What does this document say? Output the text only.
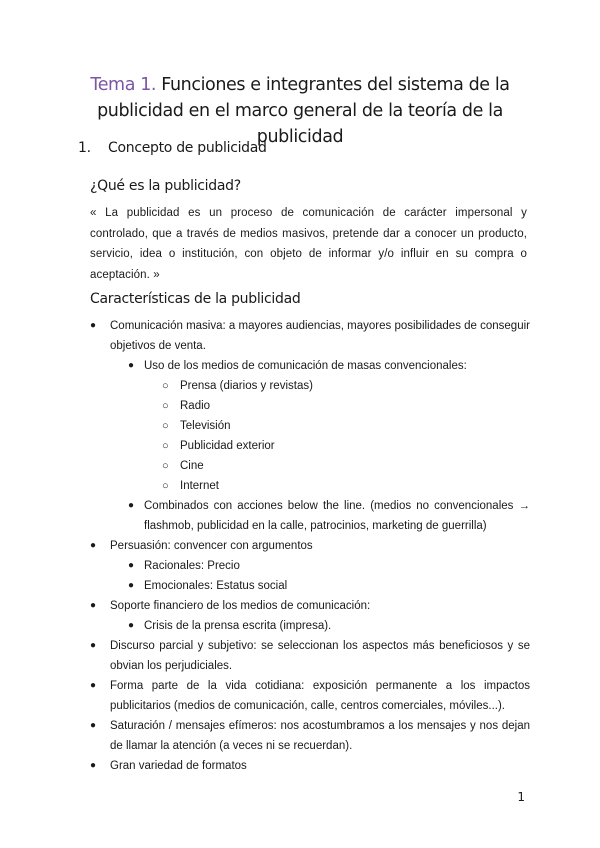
Tema 1. Funciones e integrantes del sistema de la
publicidad en el marco general de la teoría de la publicidad
1. Concepto de publicidad
¿Qué es la publicidad?
« La publicidad es un proceso de comunicación de carácter impersonal y controlado, que a través de medios masivos, pretende dar a conocer un producto, servicio, idea o institución, con objeto de informar y/o influir en su compra o aceptación. »
Características de la publicidad
● Comunicación masiva: a mayores audiencias, mayores posibilidades de conseguir objetivos de venta.
● Uso de los medios de comunicación de masas convencionales:
○ Prensa (diarios y revistas)
○ Radio
○ Televisión
○ Publicidad exterior
○ Cine
○ Internet
● Combinados con acciones below the line. (medios no convencionales → flashmob, publicidad en la calle, patrocinios, marketing de guerrilla)
● Persuasión: convencer con argumentos
● Racionales: Precio
● Emocionales: Estatus social
● Soporte financiero de los medios de comunicación:
● Crisis de la prensa escrita (impresa).
● Discurso parcial y subjetivo: se seleccionan los aspectos más beneficiosos y se obvian los perjudiciales.
● Forma parte de la vida cotidiana: exposición permanente a los impactos publicitarios (medios de comunicación, calle, centros comerciales, móviles...).
● Saturación / mensajes efímeros: nos acostumbramos a los mensajes y nos dejan de llamar la atención (a veces ni se recuerdan).
● Gran variedad de formatos
1
